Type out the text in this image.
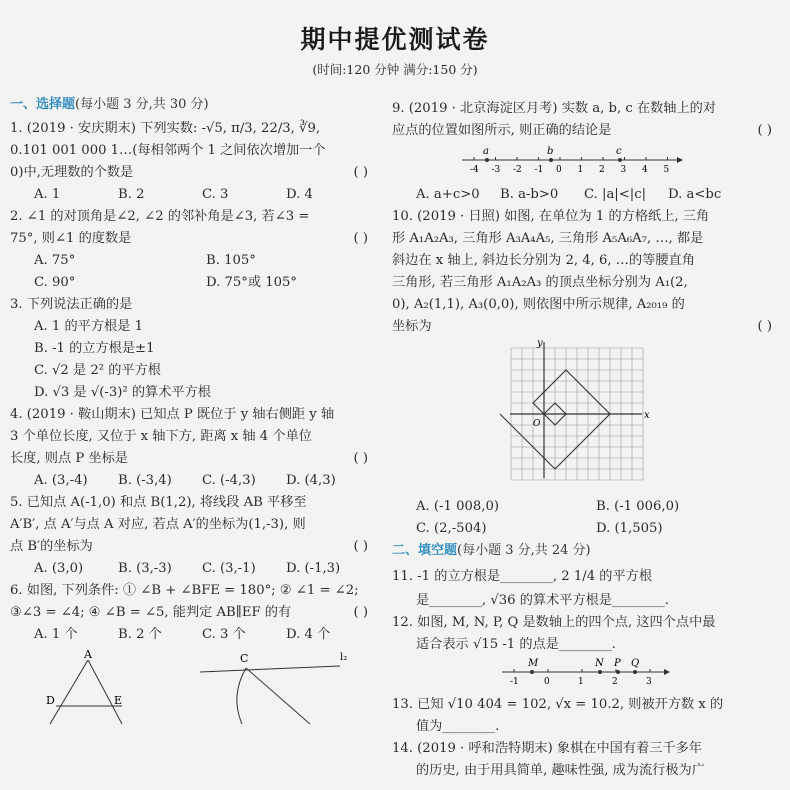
期中提优测试卷
(时间:120 分钟 满分:150 分)
一、选择题(每小题 3 分,共 30 分)
1. (2019 · 安庆期末) 下列实数: -√5, π/3, 22/3, ∛9,
0.101 001 000 1…(每相邻两个 1 之间依次增加一个
0)中,无理数的个数是	( )
A. 1	B. 2	C. 3	D. 4
2. ∠1 的对顶角是∠2, ∠2 的邻补角是∠3, 若∠3 =
75°, 则∠1 的度数是	( )
A. 75°	B. 105°
C. 90°	D. 75°或 105°
3. 下列说法正确的是
A. 1 的平方根是 1
B. -1 的立方根是±1
C. √2 是 2² 的平方根
D. √3 是 √(-3)² 的算术平方根
4. (2019 · 鞍山期末) 已知点 P 既位于 y 轴右侧距 y 轴
3 个单位长度, 又位于 x 轴下方, 距离 x 轴 4 个单位
长度, 则点 P 坐标是	( )
A. (3,-4)	B. (-3,4)	C. (-4,3)	D. (4,3)
5. 已知点 A(-1,0) 和点 B(1,2), 将线段 AB 平移至
A′B′, 点 A′与点 A 对应, 若点 A′的坐标为(1,-3), 则
点 B′的坐标为	( )
A. (3,0)	B. (3,-3)	C. (3,-1)	D. (-1,3)
6. 如图, 下列条件: ① ∠B + ∠BFE = 180°; ② ∠1 = ∠2;
③∠3 = ∠4; ④ ∠B = ∠5, 能判定 AB∥EF 的有	( )
A. 1 个	B. 2 个	C. 3 个	D. 4 个
A
D	E
C	l₂
9. (2019 · 北京海淀区月考) 实数 a, b, c 在数轴上的对
应点的位置如图所示, 则正确的结论是	( )
-4 -3 -2 -1 0 1 2 3 4 5
a	b	c
A. a+c>0	B. a-b>0	C. |a|<|c|	D. a<bc
10. (2019 · 日照) 如图, 在单位为 1 的方格纸上, 三角
形 A₁A₂A₃, 三角形 A₃A₄A₅, 三角形 A₅A₆A₇, …, 都是
斜边在 x 轴上, 斜边长分别为 2, 4, 6, …的等腰直角
三角形, 若三角形 A₁A₂A₃ 的顶点坐标分别为 A₁(2,
0), A₂(1,1), A₃(0,0), 则依图中所示规律, A₂₀₁₉ 的
坐标为	( )
x
y
O
A. (-1 008,0)	B. (-1 006,0)
C. (2,-504)	D. (1,505)
二、填空题(每小题 3 分,共 24 分)
11. -1 的立方根是________, 2 1/4 的平方根
是________, √36 的算术平方根是________.
12. 如图, M, N, P, Q 是数轴上的四个点, 这四个点中最
适合表示 √15 -1 的点是________.
-1	0	1	2	3
M	N P Q
13. 已知 √10 404 = 102, √x = 10.2, 则被开方数 x 的
值为________.
14. (2019 · 呼和浩特期末) 象棋在中国有着三千多年
的历史, 由于用具简单, 趣味性强, 成为流行极为广
